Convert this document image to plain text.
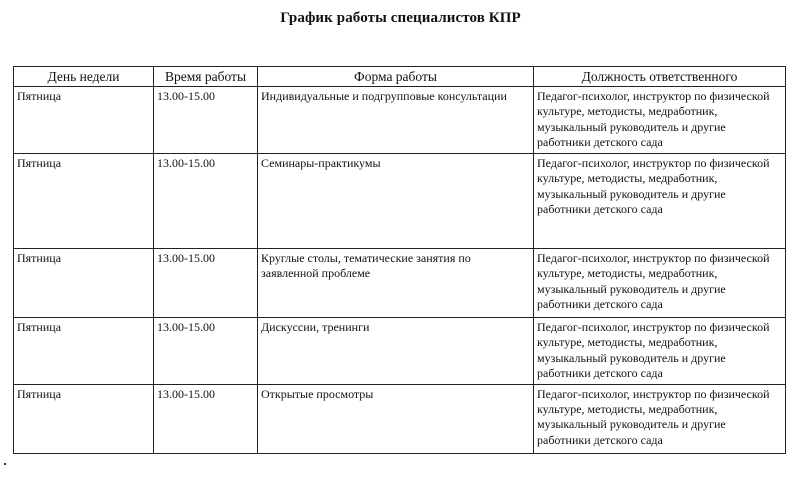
График работы специалистов КПР
День недели	Время работы	Форма работы	Должность ответственного
Пятница	13.00-15.00	Индивидуальные и подгрупповые консультации	Педагог-психолог, инструктор по физической культуре, методисты, медработник, музыкальный руководитель и другие работники детского сада
Пятница	13.00-15.00	Семинары-практикумы	Педагог-психолог, инструктор по физической культуре, методисты, медработник, музыкальный руководитель и другие работники детского сада
Пятница	13.00-15.00	Круглые столы, тематические занятия по заявленной проблеме	Педагог-психолог, инструктор по физической культуре, методисты, медработник, музыкальный руководитель и другие работники детского сада
Пятница	13.00-15.00	Дискуссии, тренинги	Педагог-психолог, инструктор по физической культуре, методисты, медработник, музыкальный руководитель и другие работники детского сада
Пятница	13.00-15.00	Открытые просмотры	Педагог-психолог, инструктор по физической культуре, методисты, медработник, музыкальный руководитель и другие работники детского сада
